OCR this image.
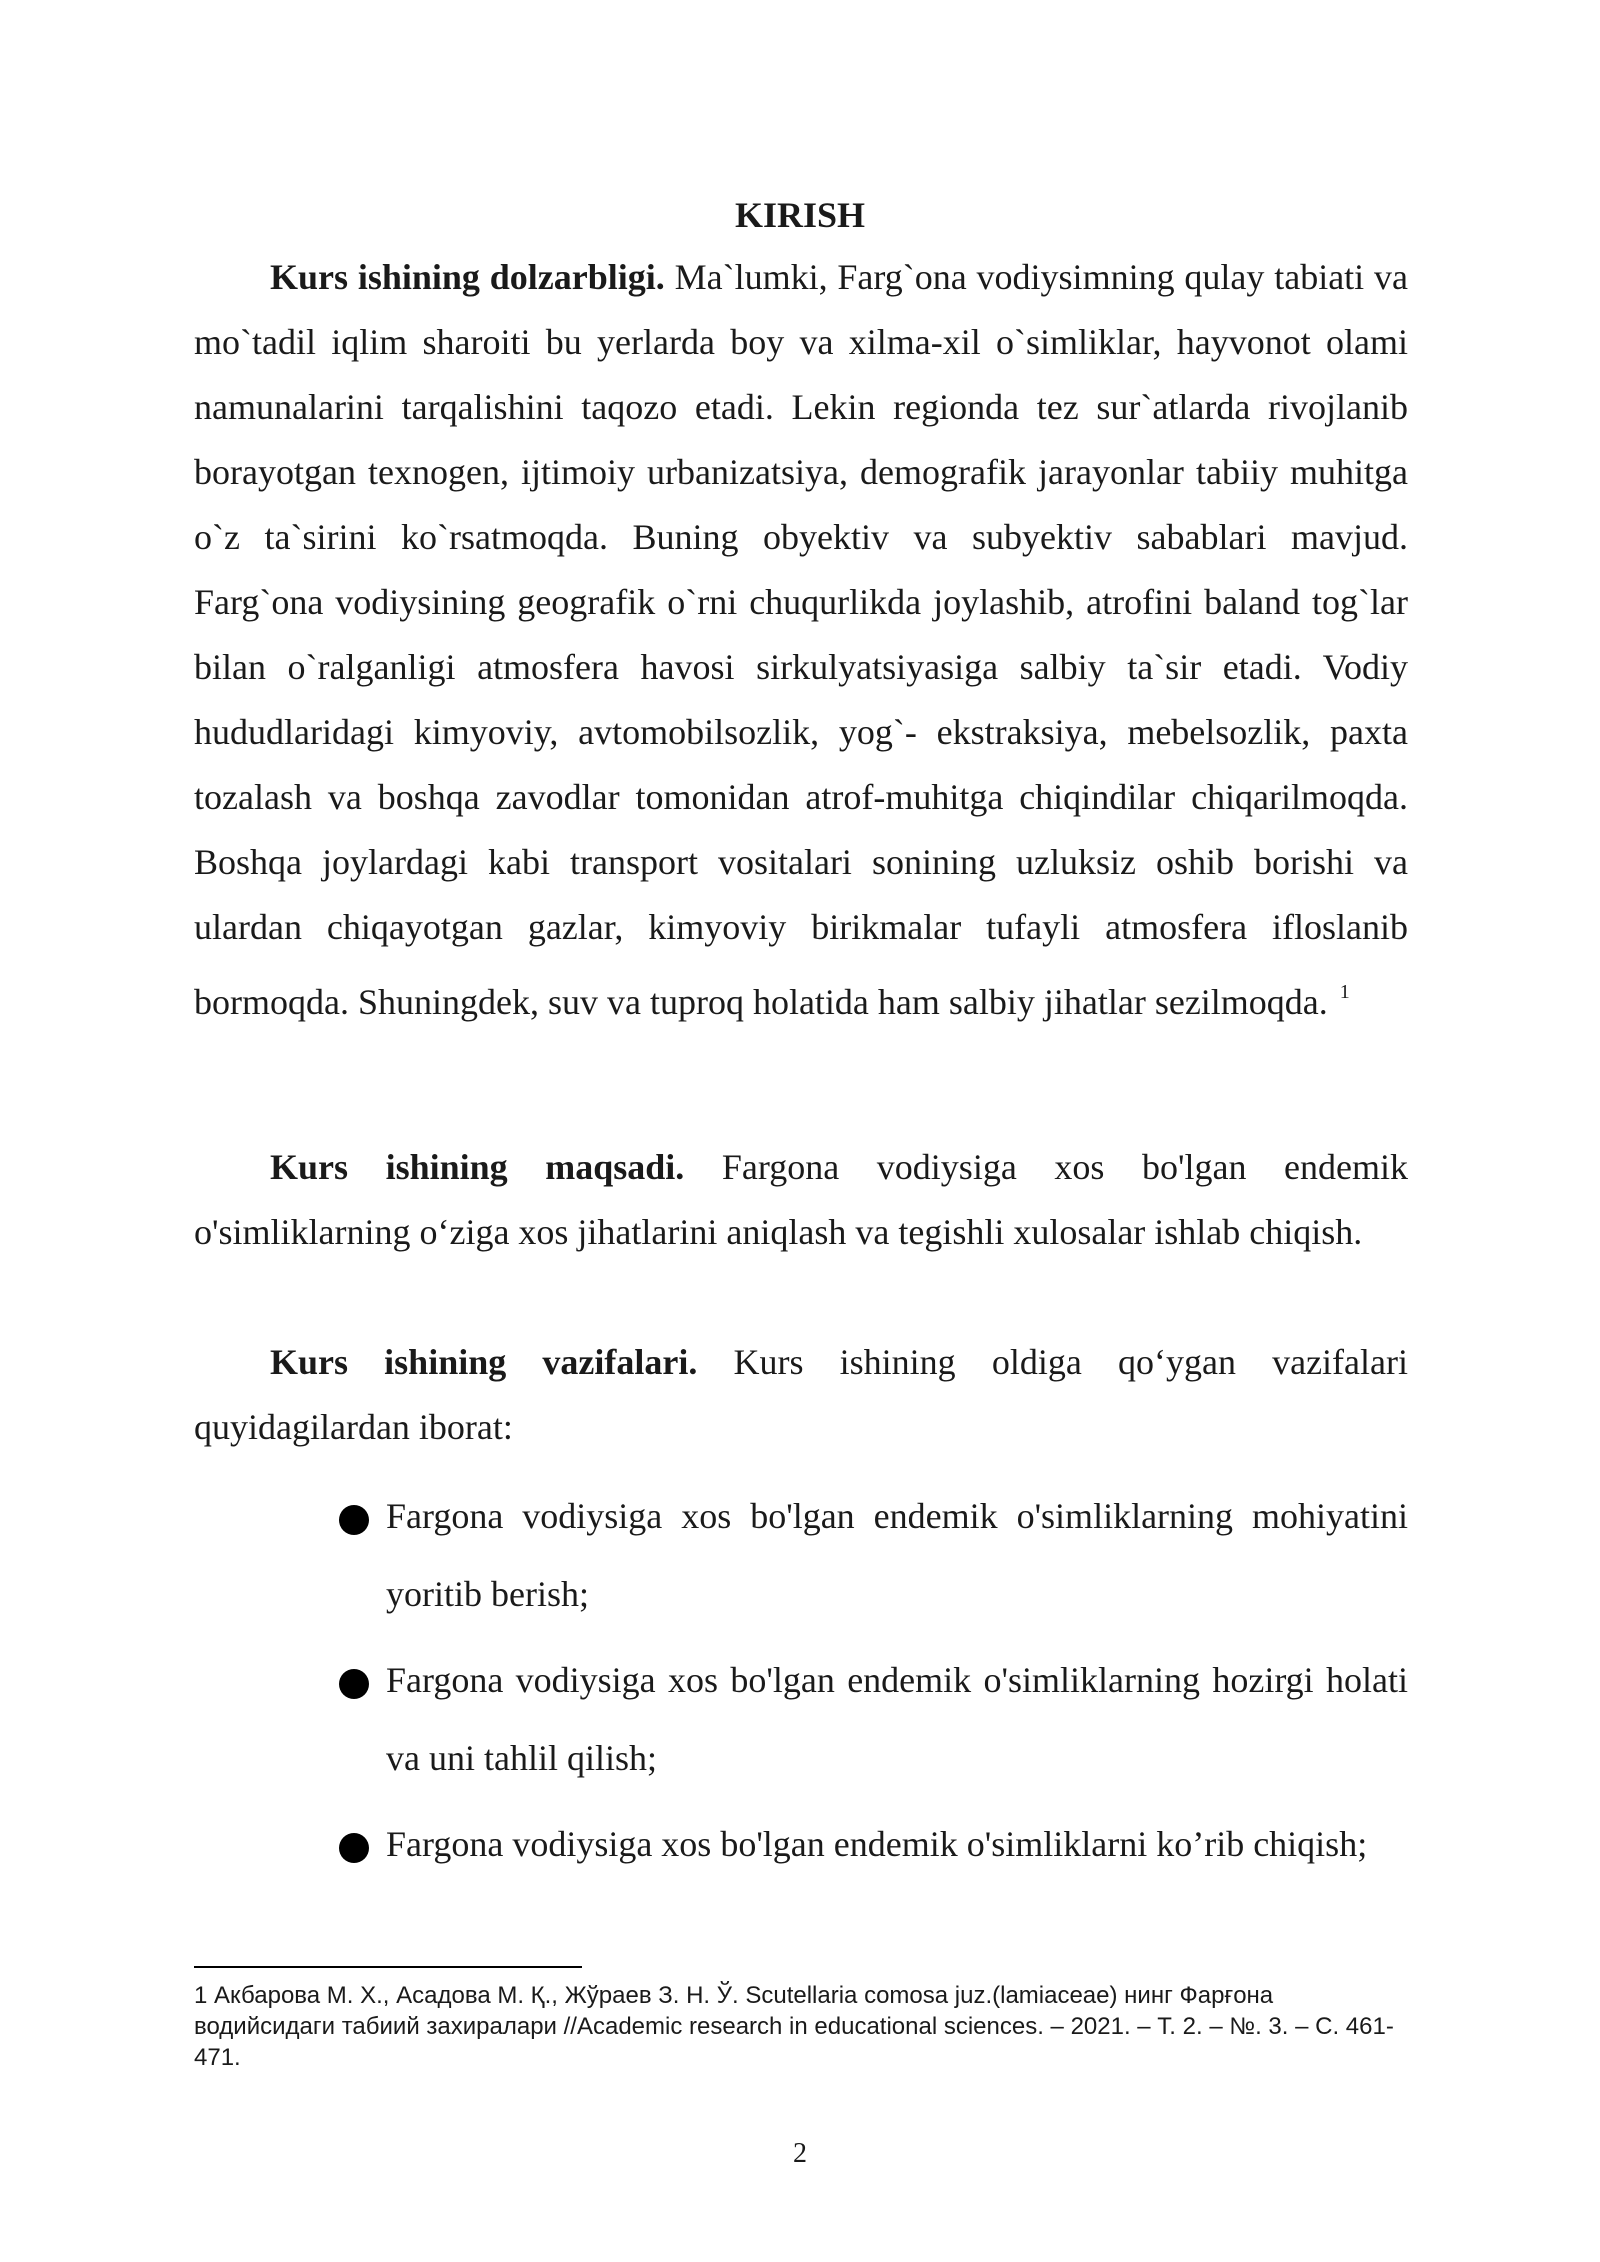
KIRISH

Kurs ishining dolzarbligi. Ma`lumki, Farg`ona vodiysimning qulay tabiati va mo`tadil iqlim sharoiti bu yerlarda boy va xilma-xil o`simliklar, hayvonot olami namunalarini tarqalishini taqozo etadi. Lekin regionda tez sur`atlarda rivojlanib borayotgan texnogen, ijtimoiy urbanizatsiya, demografik jarayonlar tabiiy muhitga o`z ta`sirini ko`rsatmoqda. Buning obyektiv va subyektiv sabablari mavjud. Farg`ona vodiysining geografik o`rni chuqurlikda joylashib, atrofini baland tog`lar bilan o`ralganligi atmosfera havosi sirkulyatsiyasiga salbiy ta`sir etadi. Vodiy hududlaridagi kimyoviy, avtomobilsozlik, yog`- ekstraksiya, mebelsozlik, paxta tozalash va boshqa zavodlar tomonidan atrof-muhitga chiqindilar chiqarilmoqda. Boshqa joylardagi kabi transport vositalari sonining uzluksiz oshib borishi va ulardan chiqayotgan gazlar, kimyoviy birikmalar tufayli atmosfera ifloslanib bormoqda. Shuningdek, suv va tuproq holatida ham salbiy jihatlar sezilmoqda. $^1$

Kurs ishining maqsadi. Fargona vodiysiga xos bo'lgan endemik o'simliklarning o‘ziga xos jihatlarini aniqlash va tegishli xulosalar ishlab chiqish.

Kurs ishining vazifalari. Kurs ishining oldiga qo‘ygan vazifalari quyidagilardan iborat:

Fargona vodiysiga xos bo'lgan endemik o'simliklarning mohiyatini yoritib berish;
Fargona vodiysiga xos bo'lgan endemik o'simliklarning hozirgi holati va uni tahlil qilish;
Fargona vodiysiga xos bo'lgan endemik o'simliklarni ko’rib chiqish;
1 Акбарова М. Х., Асадова М. Қ., Жўраев З. Н. Ў. Scutellaria comosa juz.(lamiaceae) нинг Фарғона водийсидаги табиий захиралари //Academic research in educational sciences. – 2021. – Т. 2. – №. 3. – С. 461-471.
2
